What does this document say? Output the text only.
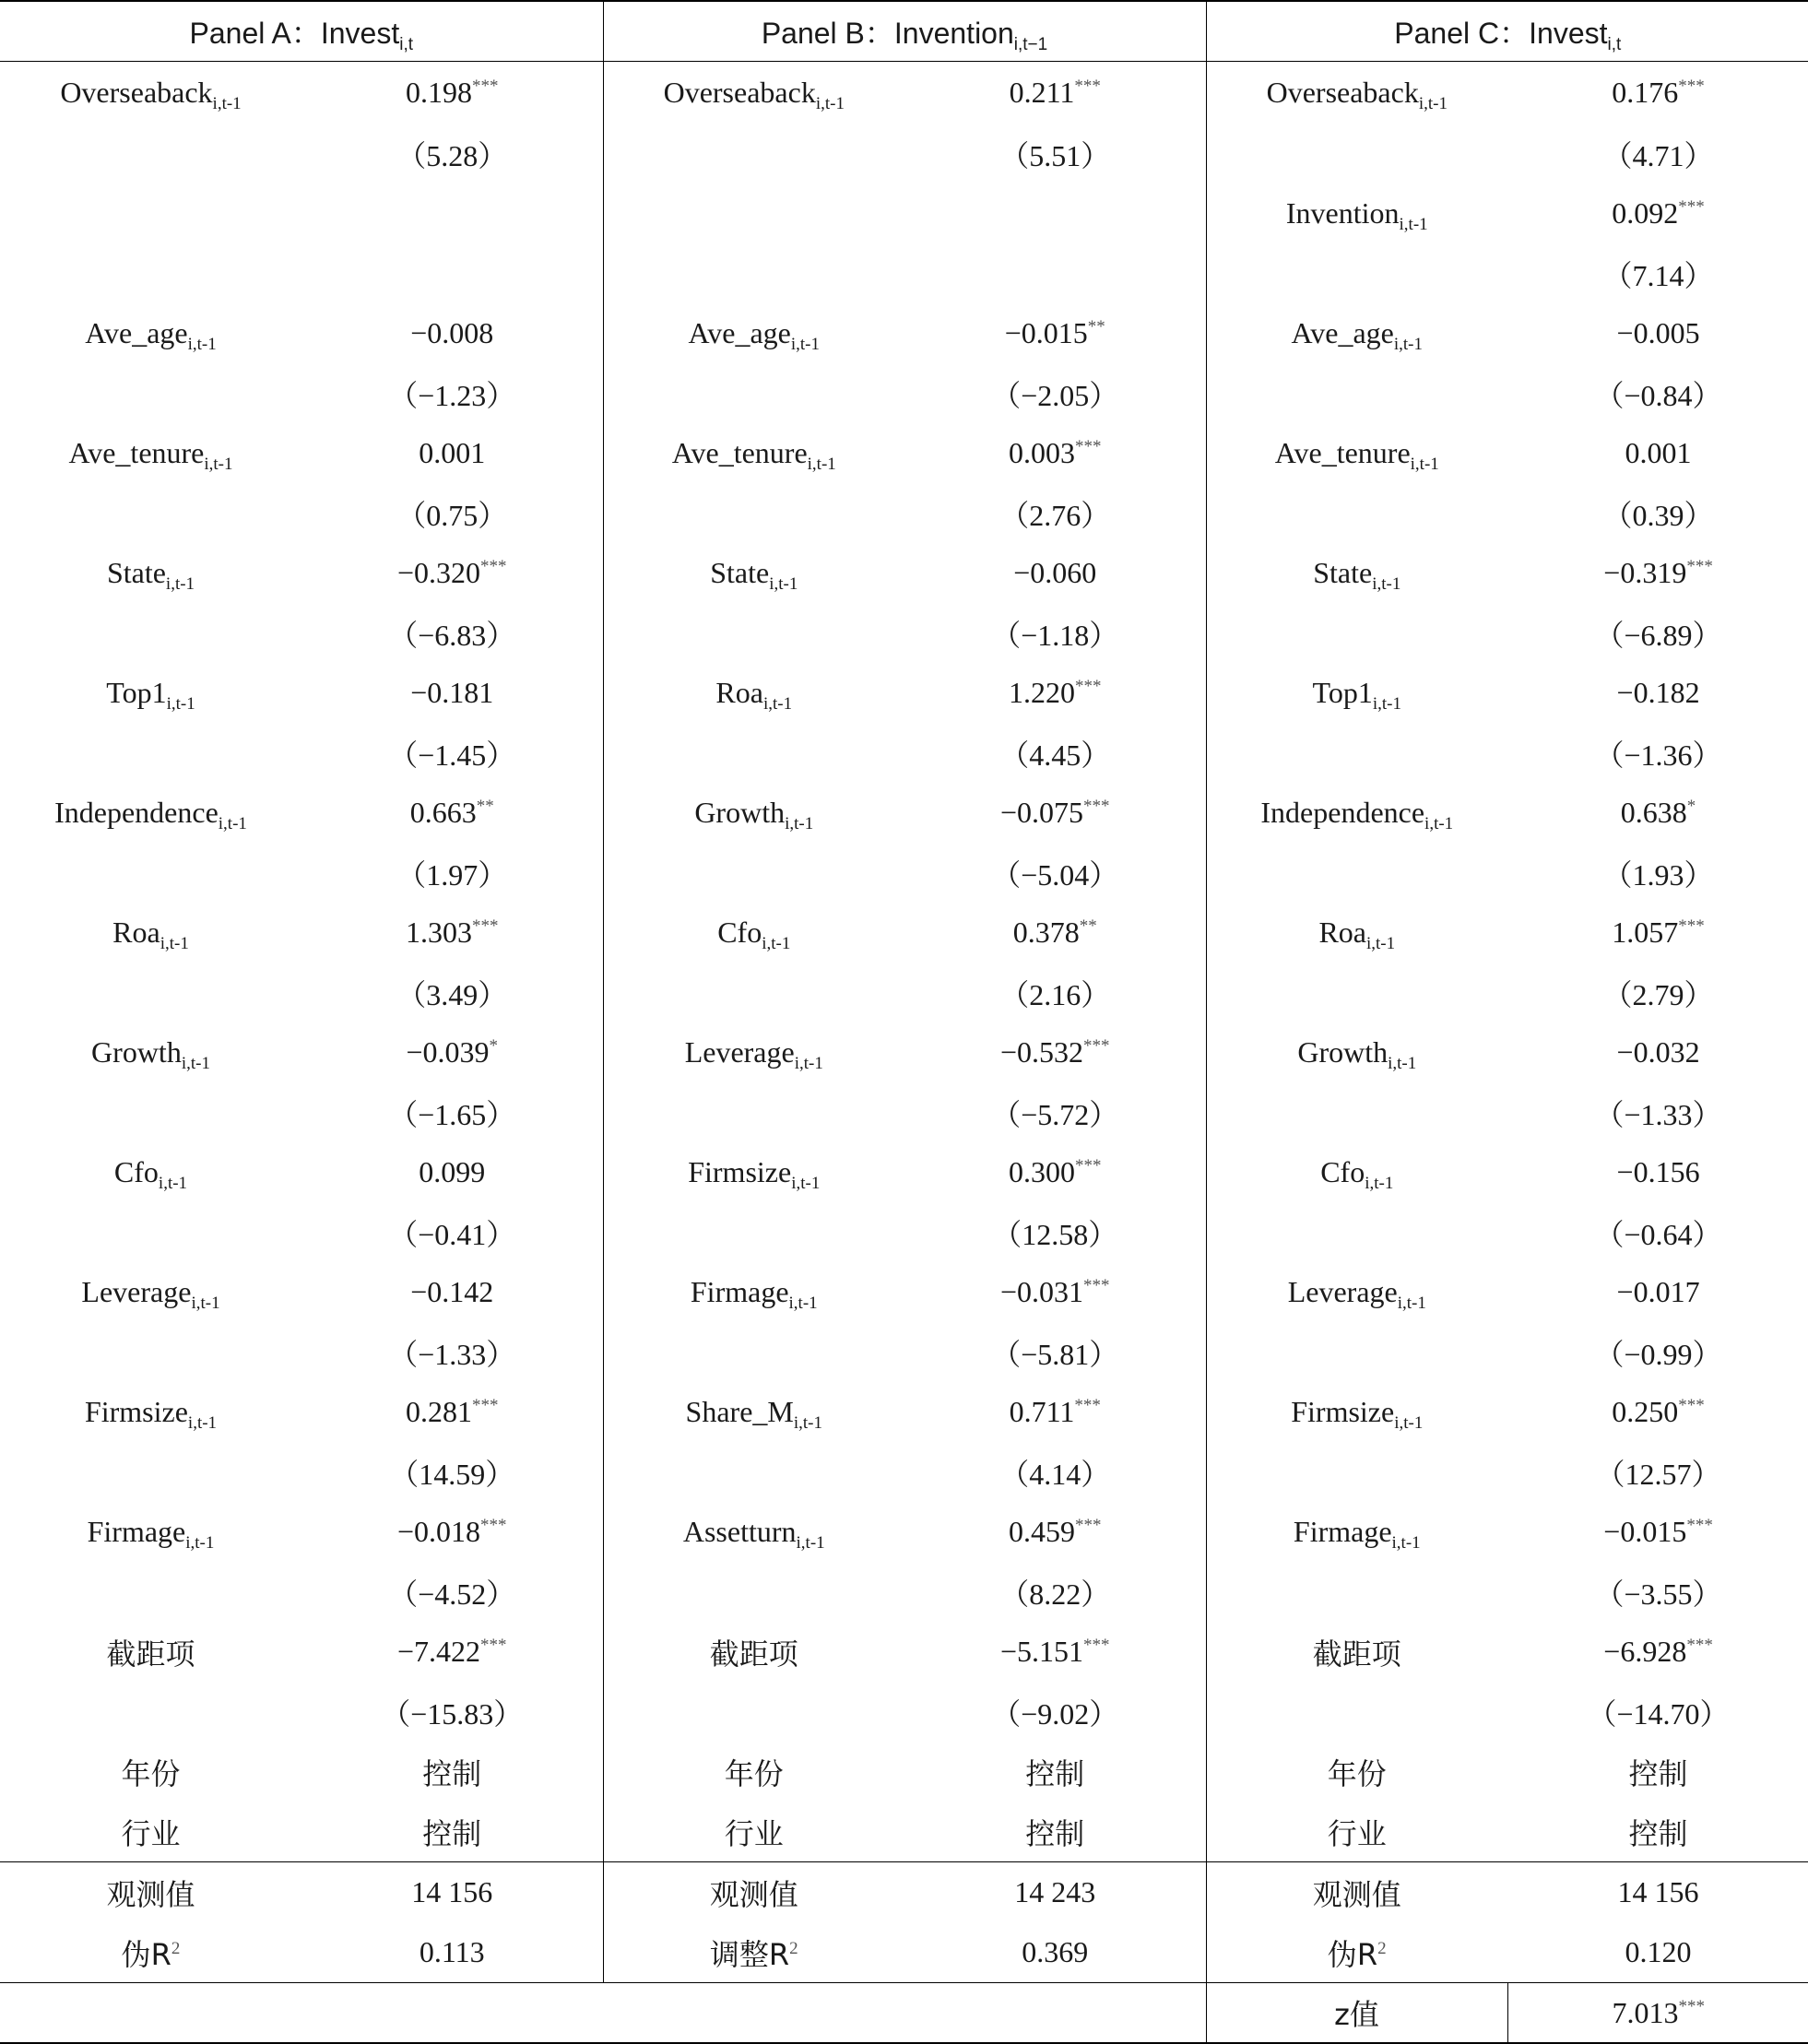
Panel A：Invest$_{i,t}$		Panel B：Invention$_{i,t-1}$		Panel C：Invest$_{i,t}$
Overseaback$_{i,t-1}$	0.198***	Overseaback$_{i,t-1}$	0.211***	Overseaback$_{i,t-1}$	0.176***
	（5.28）		（5.51）		（4.71）
				Invention$_{i,t-1}$	0.092***
					（7.14）
Ave_age$_{i,t-1}$	−0.008	Ave_age$_{i,t-1}$	−0.015**	Ave_age$_{i,t-1}$	−0.005
	（−1.23）		（−2.05）		（−0.84）
Ave_tenure$_{i,t-1}$	0.001	Ave_tenure$_{i,t-1}$	0.003***	Ave_tenure$_{i,t-1}$	0.001
	（0.75）		（2.76）		（0.39）
State$_{i,t-1}$	−0.320***	State$_{i,t-1}$	−0.060	State$_{i,t-1}$	−0.319***
	（−6.83）		（−1.18）		（−6.89）
$Top1_{i,t-1}$	−0.181	Roa$_{i,t-1}$	1.220***	$Top1_{i,t-1}$	−0.182
	（−1.45）		（4.45）		（−1.36）
Independence$_{i,t-1}$	0.663**	Growth$_{i,t-1}$	−0.075***	Independence$_{i,t-1}$	0.638*
	（1.97）		（−5.04）		（1.93）
Roa$_{i,t-1}$	1.303***	Cfo$_{i,t-1}$	0.378**	Roa$_{i,t-1}$	1.057***
	（3.49）		（2.16）		（2.79）
Growth$_{i,t-1}$	−0.039*	Leverage$_{i,t-1}$	−0.532***	Growth$_{i,t-1}$	−0.032
	（−1.65）		（−5.72）		（−1.33）
Cfo$_{i,t-1}$	0.099	Firmsize$_{i,t-1}$	0.300***	Cfo$_{i,t-1}$	−0.156
	（−0.41）		（12.58）		（−0.64）
Leverage$_{i,t-1}$	−0.142	Firmage$_{i,t-1}$	−0.031***	Leverage$_{i,t-1}$	−0.017
	（−1.33）		（−5.81）		（−0.99）
Firmsize$_{i,t-1}$	0.281***	$Share\_M_{i,t-1}$	0.711***	Firmsize$_{i,t-1}$	0.250***
	（14.59）		（4.14）		（12.57）
Firmage$_{i,t-1}$	−0.018***	Assetturn$_{i,t-1}$	0.459***	Firmage$_{i,t-1}$	−0.015***
	（−4.52）		（8.22）		（−3.55）
截距项	−7.422***	截距项	−5.151***	截距项	−6.928***
	（−15.83）		（−9.02）		（−14.70）
年份	控制	年份	控制	年份	控制
行业	控制	行业	控制	行业	控制
观测值	14 156	观测值	14 243	观测值	14 156
伪$R^2$	0.113	调整$R^2$	0.369	伪$R^2$	0.120
				z值	7.013***
